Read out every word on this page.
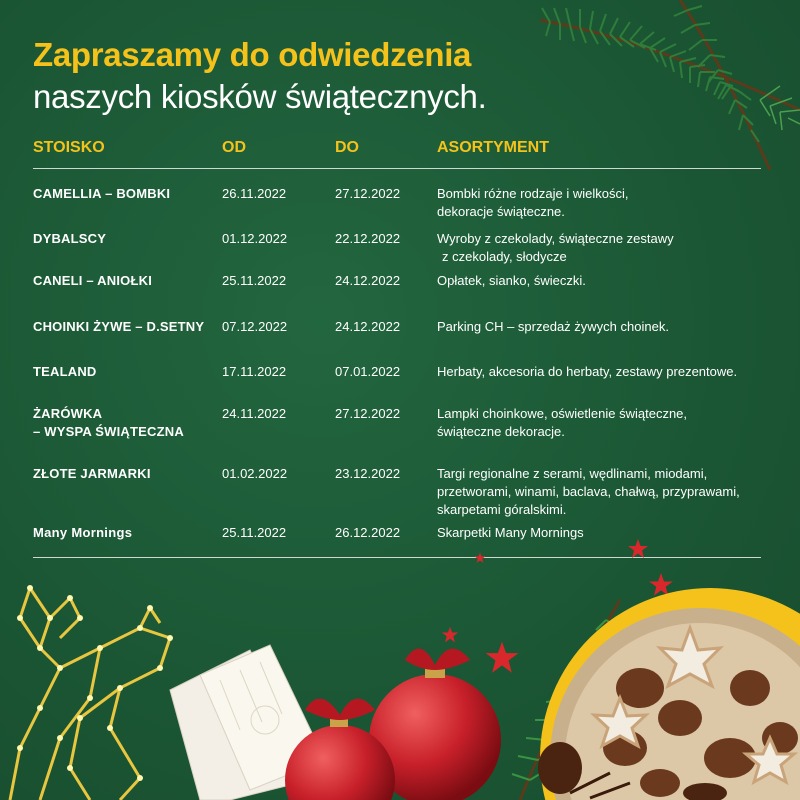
Zapraszamy do odwiedzenia
naszych kiosków świątecznych.
STOISKO	OD	DO	ASORTYMENT
CAMELLIA – BOMBKI	26.11.2022	27.12.2022	Bombki różne rodzaje i wielkości,
dekoracje świąteczne.
DYBALSCY	01.12.2022	22.12.2022	Wyroby z czekolady, świąteczne zestawy
z czekolady, słodycze
CANELI – ANIOŁKI	25.11.2022	24.12.2022	Opłatek, sianko, świeczki.
CHOINKI ŻYWE – D.SETNY 07.12.2022	24.12.2022	Parking CH – sprzedaż żywych choinek.
TEALAND	17.11.2022	07.01.2022	Herbaty, akcesoria do herbaty, zestawy prezentowe.
ŻARÓWKA
– WYSPA ŚWIĄTECZNA
24.11.2022	27.12.2022	Lampki choinkowe, oświetlenie świąteczne,
świąteczne dekoracje.
ZŁOTE JARMARKI	01.02.2022	23.12.2022	Targi regionalne z serami, wędlinami, miodami,
przetworami, winami, baclava, chałwą, przyprawami,
skarpetami góralskimi.
Many Mornings	25.11.2022	26.12.2022	Skarpetki Many Mornings
